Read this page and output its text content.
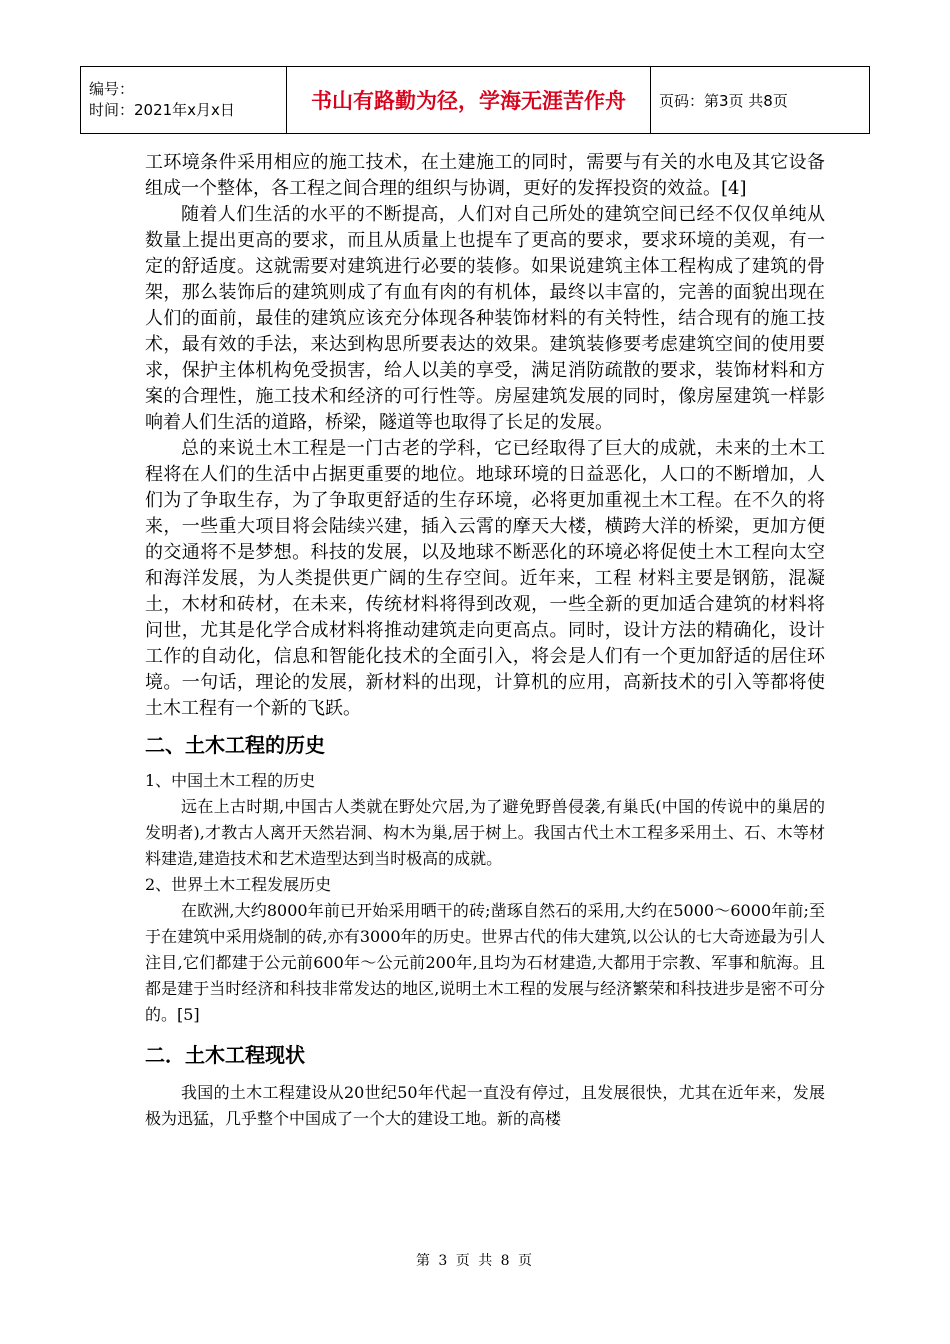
编号：
时间：2021年x月x日	书山有路勤为径，学海无涯苦作舟	页码：第3页 共8页

工环境条件采用相应的施工技术，在土建施工的同时，需要与有关的水电及其它设备组成一个整体，各工程之间合理的组织与协调，更好的发挥投资的效益。[4]

随着人们生活的水平的不断提高，人们对自己所处的建筑空间已经不仅仅单纯从数量上提出更高的要求，而且从质量上也提车了更高的要求，要求环境的美观，有一定的舒适度。这就需要对建筑进行必要的装修。如果说建筑主体工程构成了建筑的骨架，那么装饰后的建筑则成了有血有肉的有机体，最终以丰富的，完善的面貌出现在人们的面前，最佳的建筑应该充分体现各种装饰材料的有关特性，结合现有的施工技术，最有效的手法，来达到构思所要表达的效果。建筑装修要考虑建筑空间的使用要求，保护主体机构免受损害，给人以美的享受，满足消防疏散的要求，装饰材料和方案的合理性，施工技术和经济的可行性等。房屋建筑发展的同时，像房屋建筑一样影响着人们生活的道路，桥梁，隧道等也取得了长足的发展。

总的来说土木工程是一门古老的学科，它已经取得了巨大的成就，未来的土木工程将在人们的生活中占据更重要的地位。地球环境的日益恶化，人口的不断增加，人们为了争取生存，为了争取更舒适的生存环境，必将更加重视土木工程。在不久的将来，一些重大项目将会陆续兴建，插入云霄的摩天大楼，横跨大洋的桥梁，更加方便的交通将不是梦想。科技的发展，以及地球不断恶化的环境必将促使土木工程向太空和海洋发展，为人类提供更广阔的生存空间。近年来，工程 材料主要是钢筋，混凝土，木材和砖材，在未来，传统材料将得到改观，一些全新的更加适合建筑的材料将问世，尤其是化学合成材料将推动建筑走向更高点。同时，设计方法的精确化，设计工作的自动化，信息和智能化技术的全面引入，将会是人们有一个更加舒适的居住环境。一句话，理论的发展，新材料的出现，计算机的应用，高新技术的引入等都将使土木工程有一个新的飞跃。

二、土木工程的历史

1、中国土木工程的历史

远在上古时期,中国古人类就在野处穴居,为了避免野兽侵袭,有巢氏(中国的传说中的巢居的发明者),才教古人离开天然岩洞、构木为巢,居于树上。我国古代土木工程多采用土、石、木等材料建造,建造技术和艺术造型达到当时极高的成就。

2、世界土木工程发展历史

在欧洲,大约8000年前已开始采用晒干的砖;凿琢自然石的采用,大约在5000～6000年前;至于在建筑中采用烧制的砖,亦有3000年的历史。世界古代的伟大建筑,以公认的七大奇迹最为引人注目,它们都建于公元前600年～公元前200年,且均为石材建造,大都用于宗教、军事和航海。且都是建于当时经济和科技非常发达的地区,说明土木工程的发展与经济繁荣和科技进步是密不可分的。[5]

二．土木工程现状

我国的土木工程建设从20世纪50年代起一直没有停过，且发展很快，尤其在近年来，发展极为迅猛，几乎整个中国成了一个大的建设工地。新的高楼

第 3 页 共 8 页
